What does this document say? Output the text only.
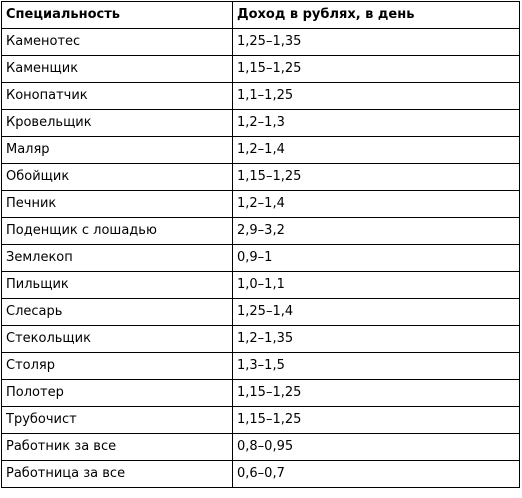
Специальность	Доход в рублях, в день
Каменотес	1,25–1,35
Каменщик	1,15–1,25
Конопатчик	1,1–1,25
Кровельщик	1,2–1,3
Маляр	1,2–1,4
Обойщик	1,15–1,25
Печник	1,2–1,4
Поденщик с лошадью	2,9–3,2
Землекоп	0,9–1
Пильщик	1,0–1,1
Слесарь	1,25–1,4
Стекольщик	1,2–1,35
Столяр	1,3–1,5
Полотер	1,15–1,25
Трубочист	1,15–1,25
Работник за все	0,8–0,95
Работница за все	0,6–0,7
